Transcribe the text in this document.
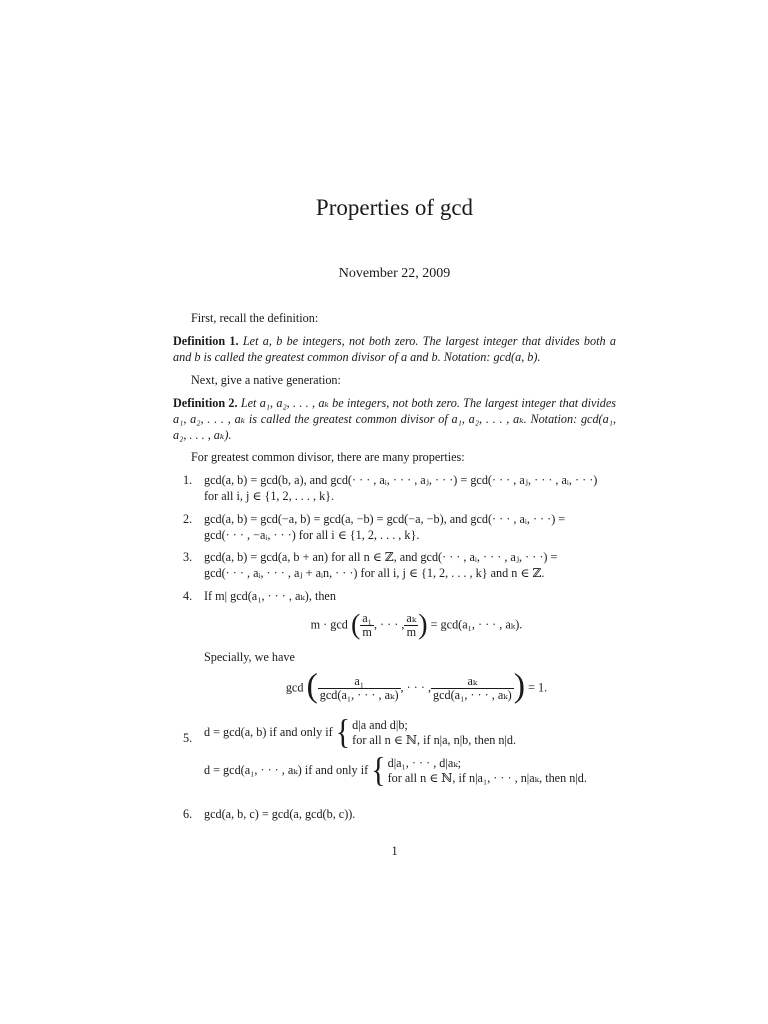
Properties of gcd
November 22, 2009
First, recall the definition:
Definition 1. Let a, b be integers, not both zero. The largest integer that divides both a and b is called the greatest common divisor of a and b. Notation: gcd(a, b).
Next, give a native generation:
Definition 2. Let a₁, a₂, . . . , aₖ be integers, not both zero. The largest integer that divides a₁, a₂, . . . , aₖ is called the greatest common divisor of a₁, a₂, . . . , aₖ. Notation: gcd(a₁, a₂, . . . , aₖ).
For greatest common divisor, there are many properties:
1. gcd(a, b) = gcd(b, a), and gcd(· · · , aᵢ, · · · , aⱼ, · · ·) = gcd(· · · , aⱼ, · · · , aᵢ, · · ·)
for all i, j ∈ {1, 2, . . . , k}.
2. gcd(a, b) = gcd(−a, b) = gcd(a, −b) = gcd(−a, −b), and gcd(· · · , aᵢ, · · ·) =
gcd(· · · , −aᵢ, · · ·) for all i ∈ {1, 2, . . . , k}.
3. gcd(a, b) = gcd(a, b + an) for all n ∈ ℤ, and gcd(· · · , aᵢ, · · · , aⱼ, · · ·) =
gcd(· · · , aᵢ, · · · , aⱼ + aᵢn, · · ·) for all i, j ∈ {1, 2, . . . , k} and n ∈ ℤ.
4. If m| gcd(a₁, · · · , aₖ), then
m · gcd ( $\frac{\text{a₁}}{m}$ , · · · , $\frac{\text{aₖ}}{m}$ ) = gcd(a₁, · · · , aₖ).
Specially, we have
gcd ( $\frac{\text{a₁}}{\text{gcd(a₁, · · · , aₖ)}}$ , · · · , $\frac{\text{aₖ}}{\text{gcd(a₁, · · · , aₖ)}}$ ) = 1.
5. d = gcd(a, b) if and only if { d|a and d|b;
for all n ∈ ℕ, if n|a, n|b, then n|d.
d = gcd(a₁, · · · , aₖ) if and only if { d|a₁, · · · , d|aₖ;
for all n ∈ ℕ, if n|a₁, · · · , n|aₖ, then n|d.
6. gcd(a, b, c) = gcd(a, gcd(b, c)).
1
